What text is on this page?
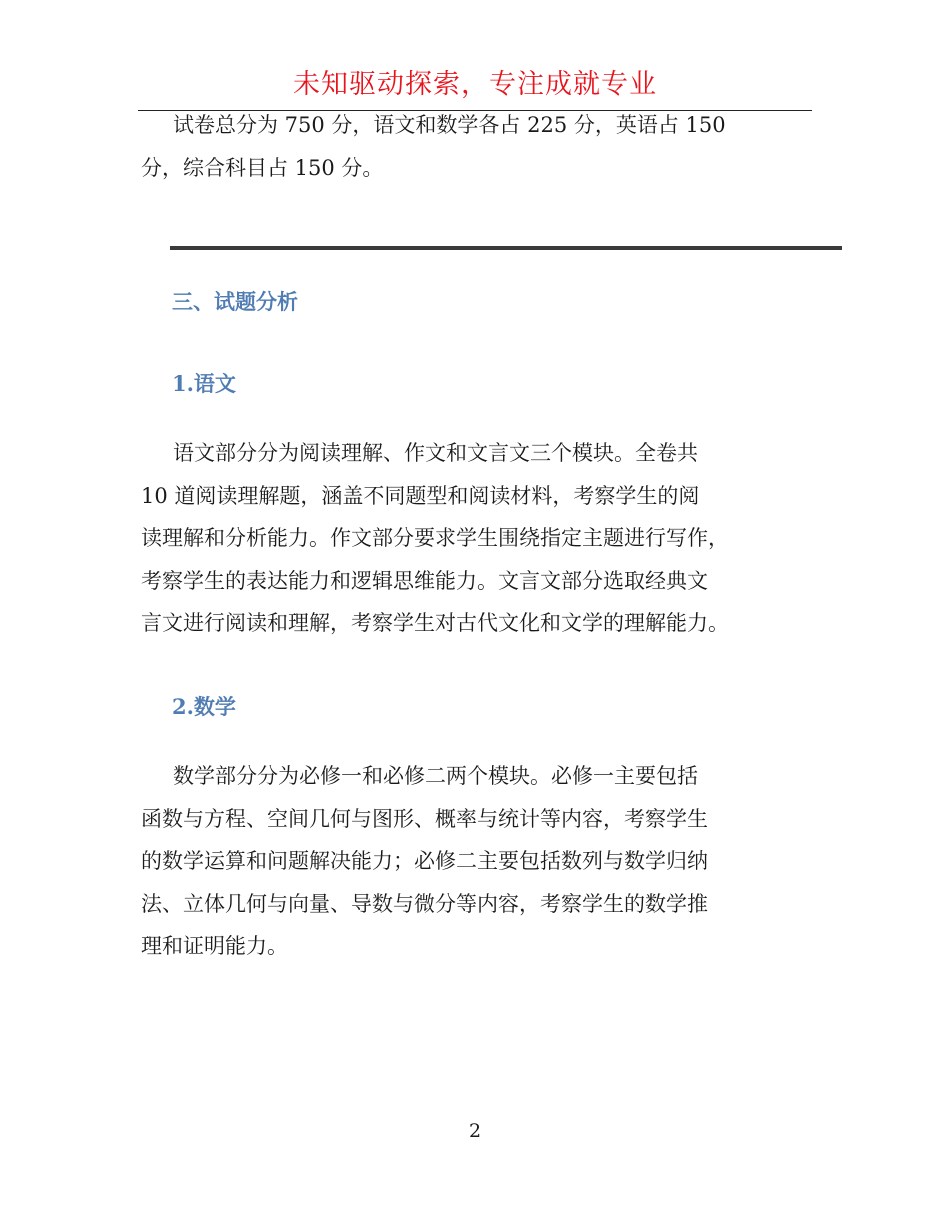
未知驱动探索，专注成就专业

试卷总分为 750 分，语文和数学各占 225 分，英语占 150
分，综合科目占 150 分。

三、试题分析
1.语文

语文部分分为阅读理解、作文和文言文三个模块。全卷共
10 道阅读理解题，涵盖不同题型和阅读材料，考察学生的阅
读理解和分析能力。作文部分要求学生围绕指定主题进行写作，
考察学生的表达能力和逻辑思维能力。文言文部分选取经典文
言文进行阅读和理解，考察学生对古代文化和文学的理解能力。

2.数学

数学部分分为必修一和必修二两个模块。必修一主要包括
函数与方程、空间几何与图形、概率与统计等内容，考察学生
的数学运算和问题解决能力；必修二主要包括数列与数学归纳
法、立体几何与向量、导数与微分等内容，考察学生的数学推
理和证明能力。

2
